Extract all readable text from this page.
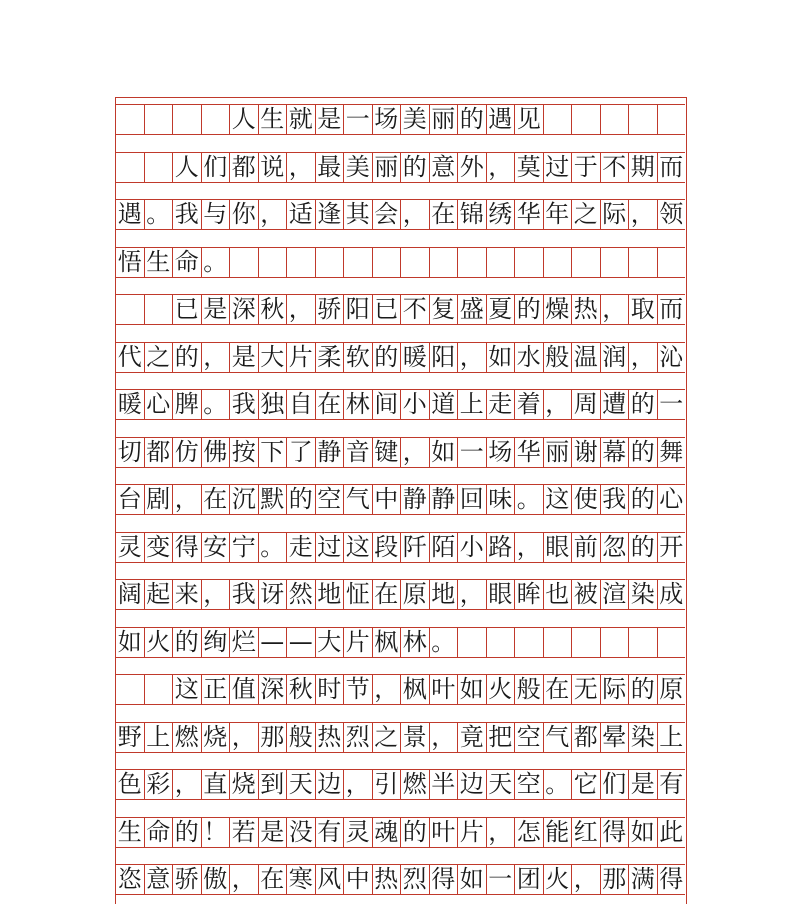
人 生 就 是 一 场 美 丽 的 遇 见
人 们 都 说 ， 最 美 丽 的 意 外 ， 莫 过 于 不 期 而
遇 。 我 与 你 ， 适 逢 其 会 ， 在 锦 绣 华 年 之 际 ， 领
悟 生 命 。
已 是 深 秋 ， 骄 阳 已 不 复 盛 夏 的 燥 热 ， 取 而
代 之 的 ， 是 大 片 柔 软 的 暖 阳 ， 如 水 般 温 润 ， 沁
暖 心 脾 。 我 独 自 在 林 间 小 道 上 走 着 ， 周 遭 的 一
切 都 仿 佛 按 下 了 静 音 键 ， 如 一 场 华 丽 谢 幕 的 舞
台 剧 ， 在 沉 默 的 空 气 中 静 静 回 味 。 这 使 我 的 心
灵 变 得 安 宁 。 走 过 这 段 阡 陌 小 路 ， 眼 前 忽 的 开
阔 起 来 ， 我 讶 然 地 怔 在 原 地 ， 眼 眸 也 被 渲 染 成
如 火 的 绚 烂 — — 大 片 枫 林 。
这 正 值 深 秋 时 节 ， 枫 叶 如 火 般 在 无 际 的 原
野 上 燃 烧 ， 那 般 热 烈 之 景 ， 竟 把 空 气 都 晕 染 上
色 彩 ， 直 烧 到 天 边 ， 引 燃 半 边 天 空 。 它 们 是 有
生 命 的 ！ 若 是 没 有 灵 魂 的 叶 片 ， 怎 能 红 得 如 此
恣 意 骄 傲 ， 在 寒 风 中 热 烈 得 如 一 团 火 ， 那 满 得
